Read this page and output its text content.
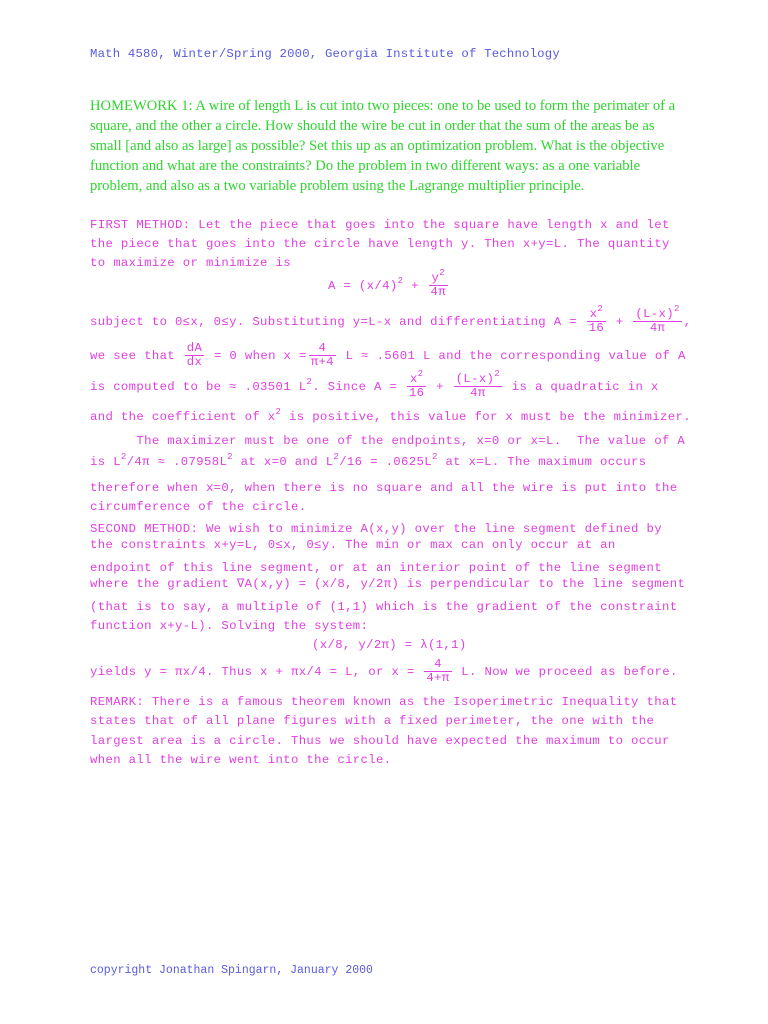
Math 4580, Winter/Spring 2000, Georgia Institute of Technology
HOMEWORK 1: A wire of length L is cut into two pieces: one to be used to form the perimater of a square, and the other a circle. How should the wire be cut in order that the sum of the areas be as small [and also as large] as possible? Set this up as an optimization problem. What is the objective function and what are the constraints? Do the problem in two different ways: as a one variable problem, and also as a two variable problem using the Lagrange multiplier principle.
FIRST METHOD: Let the piece that goes into the square have length x and let
the piece that goes into the circle have length y. Then x+y=L. The quantity
to maximize or minimize is
$A = (x/4)^2 + \frac{y^2}{4\pi}$
subject to 0≤x, 0≤y. Substituting y=L-x and differentiating $A = \frac{x^2}{16} + \frac{(L-x)^2}{4\pi}$ ,
we see that $\frac{dA}{dx} = 0$ when $x = \frac{4}{\pi+4}$ L ≈ .5601 L and the corresponding value of A
is computed to be ≈ .03501 $L^2$. Since $A = \frac{x^2}{16} + \frac{(L-x)^2}{4\pi}$ is a quadratic in x
and the coefficient of $x^2$ is positive, this value for x must be the minimizer.
The maximizer must be one of the endpoints, x=0 or x=L.  The value of A
is $L^2/4\pi \approx .07958L^2$ at x=0 and $L^2/16 = .0625L^2$ at x=L. The maximum occurs
therefore when x=0, when there is no square and all the wire is put into the
circumference of the circle.
SECOND METHOD: We wish to minimize A(x,y) over the line segment defined by
the constraints x+y=L, 0≤x, 0≤y. The min or max can only occur at an
endpoint of this line segment, or at an interior point of the line segment
where the gradient ∇A(x,y) = (x/8, y/2π) is perpendicular to the line segment
(that is to say, a multiple of (1,1) which is the gradient of the constraint
function x+y-L). Solving the system:
(x/8, y/2π) = λ(1,1)
yields y = πx/4. Thus x + πx/4 = L, or $x = \frac{4}{4+\pi} L$. Now we proceed as before.
REMARK: There is a famous theorem known as the Isoperimetric Inequality that
states that of all plane figures with a fixed perimeter, the one with the
largest area is a circle. Thus we should have expected the maximum to occur
when all the wire went into the circle.
copyright Jonathan Spingarn, January 2000
